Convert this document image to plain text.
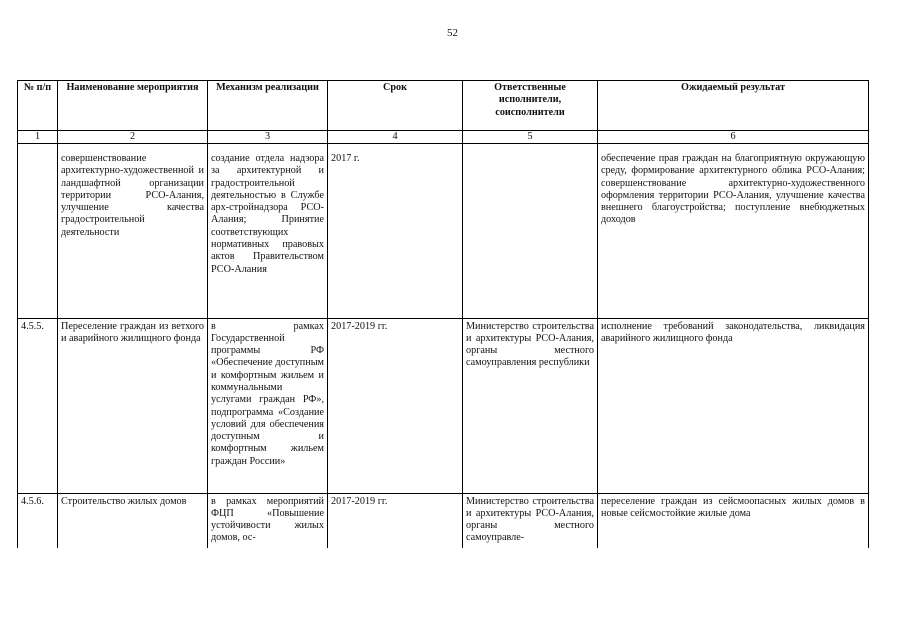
52
№ п/п	Наименование мероприятия	Механизм реализации	Срок	Ответственные исполнители, соисполнители	Ожидаемый результат
1	2	3	4	5	6

	совершенствование архитектурно-художественной и ландшафтной организации территории РСО-Алания, улучшение качества градостроительной деятельности	создание отдела надзора за архитектурной и градостроительной деятельностью в Службе арх-стройнадзора РСО-Алания; Принятие соответствующих нормативных правовых актов Правительством РСО-Алания	2017 г.		обеспечение прав граждан на благоприятную окружающую среду, формирование архитектурного облика РСО-Алания; совершенствование архитектурно-художественного оформления территории РСО-Алания, улучшение качества внешнего благоустройства; поступление внебюджетных доходов
4.5.5.	Переселение граждан из ветхого и аварийного жилищного фонда	в рамках Государственной программы РФ «Обеспечение доступным и комфортным жильем и коммунальными услугами граждан РФ», подпрограмма «Создание условий для обеспечения доступным и комфортным жильем граждан России»	2017-2019 гг.	Министерство строительства и архитектуры РСО-Алания, органы местного самоуправления республики	исполнение требований законодательства, ликвидация аварийного жилищного фонда
4.5.6.	Строительство жилых домов	в рамках мероприятий ФЦП «Повышение устойчивости жилых домов, ос-	2017-2019 гг.	Министерство строительства и архитектуры РСО-Алания, органы местного самоуправле-	переселение граждан из сейсмоопасных жилых домов в новые сейсмостойкие жилые дома
